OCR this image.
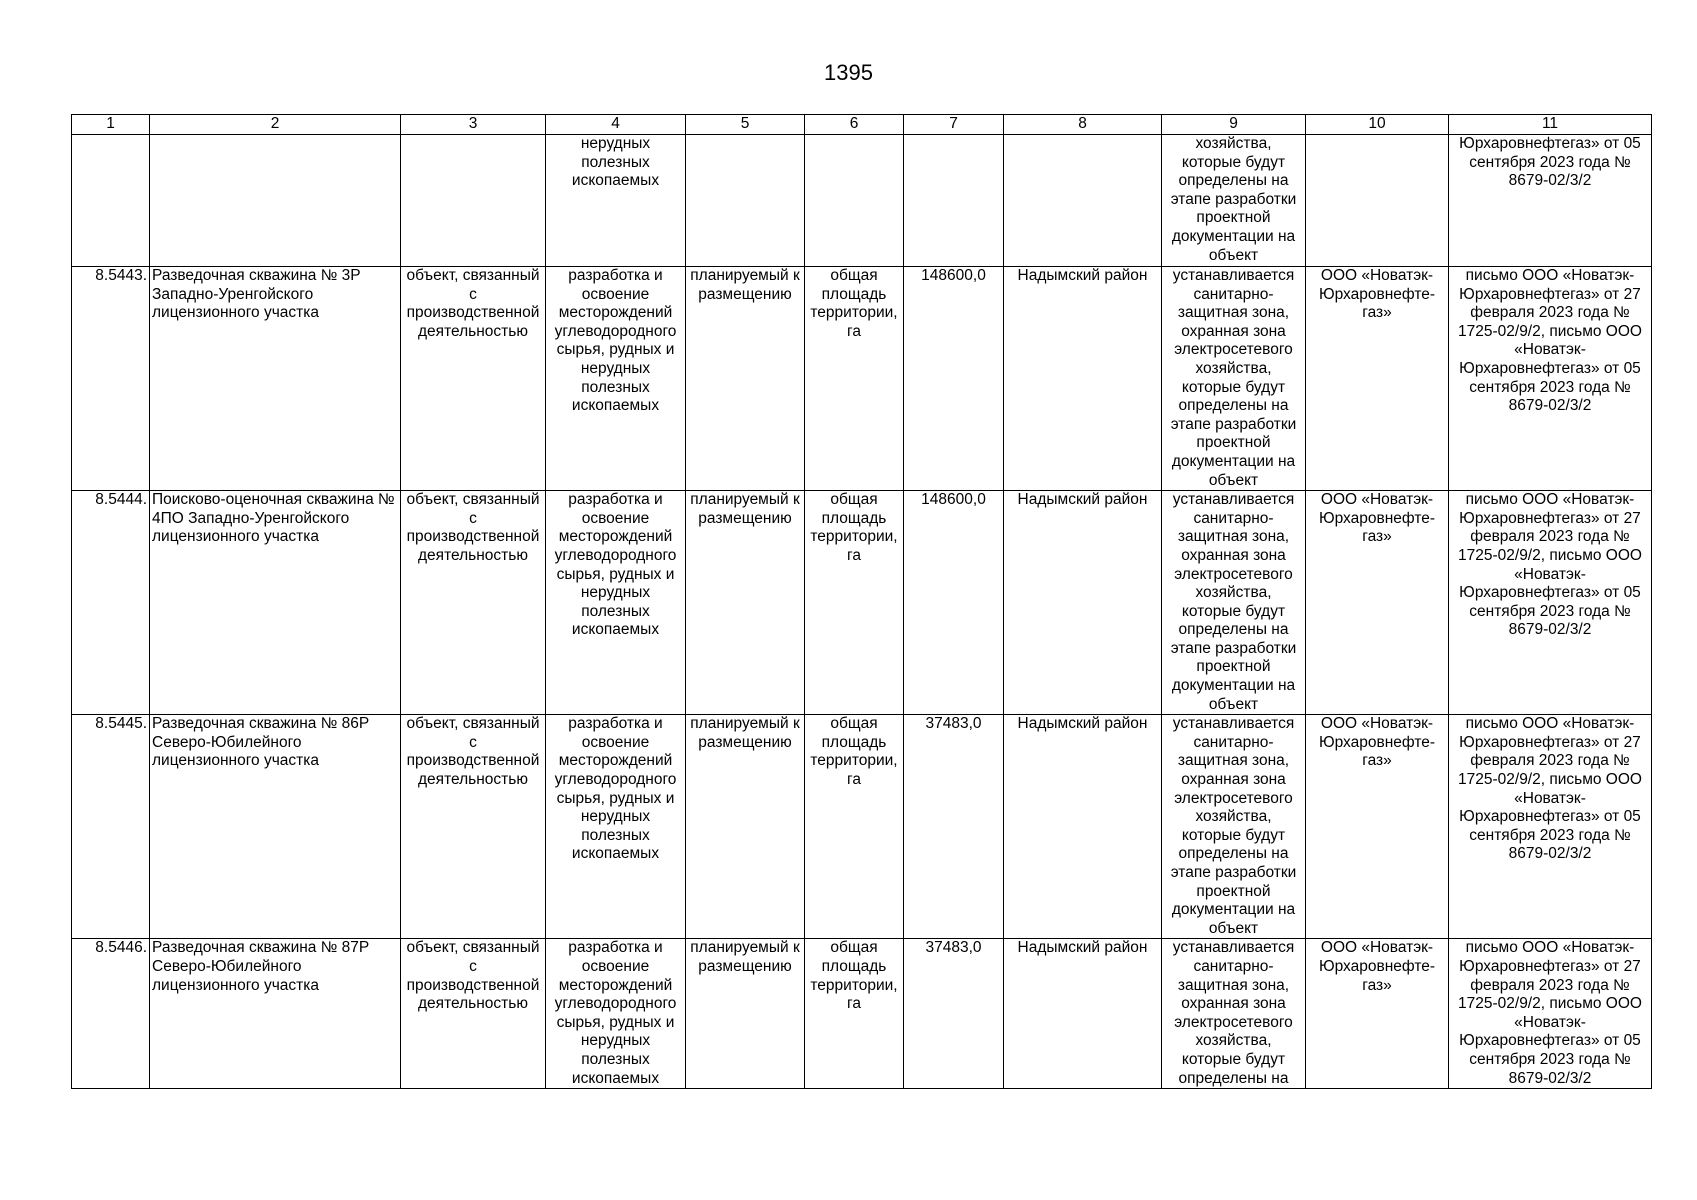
1395
1	2	3	4	5	6	7	8	9	10	11
			нерудных полезных ископаемых					хозяйства, которые будут определены на этапе разработки проектной документации на объект		Юрхаровнефтегаз» от 05 сентября 2023 года № 8679-02/3/2
8.5443.	Разведочная скважина № 3Р Западно-Уренгойского лицензионного участка	объект, связанный с производственной деятельностью	разработка и освоение месторождений углеводородного сырья, рудных и нерудных полезных ископаемых	планируемый к размещению	общая площадь территории, га	148600,0	Надымский район	устанавливается санитарно-защитная зона, охранная зона электросетевого хозяйства, которые будут определены на этапе разработки проектной документации на объект	ООО «Новатэк-Юрхаровнефте-газ»	письмо ООО «Новатэк-Юрхаровнефтегаз» от 27 февраля 2023 года № 1725-02/9/2, письмо ООО «Новатэк-Юрхаровнефтегаз» от 05 сентября 2023 года № 8679-02/3/2
8.5444.	Поисково-оценочная скважина № 4ПО Западно-Уренгойского лицензионного участка	объект, связанный с производственной деятельностью	разработка и освоение месторождений углеводородного сырья, рудных и нерудных полезных ископаемых	планируемый к размещению	общая площадь территории, га	148600,0	Надымский район	устанавливается санитарно-защитная зона, охранная зона электросетевого хозяйства, которые будут определены на этапе разработки проектной документации на объект	ООО «Новатэк-Юрхаровнефте-газ»	письмо ООО «Новатэк-Юрхаровнефтегаз» от 27 февраля 2023 года № 1725-02/9/2, письмо ООО «Новатэк-Юрхаровнефтегаз» от 05 сентября 2023 года № 8679-02/3/2
8.5445.	Разведочная скважина № 86Р Северо-Юбилейного лицензионного участка	объект, связанный с производственной деятельностью	разработка и освоение месторождений углеводородного сырья, рудных и нерудных полезных ископаемых	планируемый к размещению	общая площадь территории, га	37483,0	Надымский район	устанавливается санитарно-защитная зона, охранная зона электросетевого хозяйства, которые будут определены на этапе разработки проектной документации на объект	ООО «Новатэк-Юрхаровнефте-газ»	письмо ООО «Новатэк-Юрхаровнефтегаз» от 27 февраля 2023 года № 1725-02/9/2, письмо ООО «Новатэк-Юрхаровнефтегаз» от 05 сентября 2023 года № 8679-02/3/2
8.5446.	Разведочная скважина № 87Р Северо-Юбилейного лицензионного участка	объект, связанный с производственной деятельностью	разработка и освоение месторождений углеводородного сырья, рудных и нерудных полезных ископаемых	планируемый к размещению	общая площадь территории, га	37483,0	Надымский район	устанавливается санитарно-защитная зона, охранная зона электросетевого хозяйства, которые будут определены на	ООО «Новатэк-Юрхаровнефте-газ»	письмо ООО «Новатэк-Юрхаровнефтегаз» от 27 февраля 2023 года № 1725-02/9/2, письмо ООО «Новатэк-Юрхаровнефтегаз» от 05 сентября 2023 года № 8679-02/3/2
